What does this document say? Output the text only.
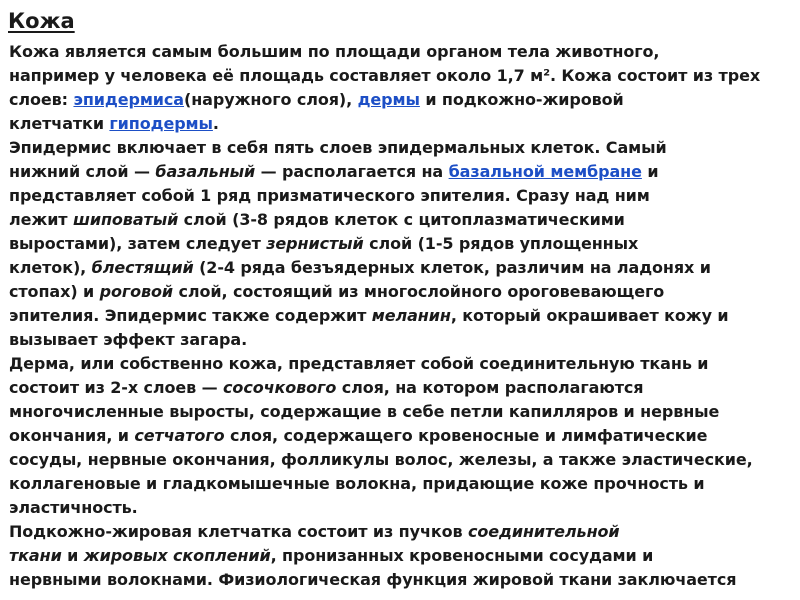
Кожа
Кожа является самым большим по площади органом тела животного,
например у человека её площадь составляет около 1,7 м². Кожа состоит из трех
слоев: эпидермиса(наружного слоя), дермы и подкожно-жировой
клетчатки гиподермы.
Эпидермис включает в себя пять слоев эпидермальных клеток. Самый
нижний слой — базальный — располагается на базальной мембране и
представляет собой 1 ряд призматического эпителия. Сразу над ним
лежит шиповатый слой (3-8 рядов клеток с цитоплазматическими
выростами), затем следует зернистый слой (1-5 рядов уплощенных
клеток), блестящий (2-4 ряда безъядерных клеток, различим на ладонях и
стопах) и роговой слой, состоящий из многослойного ороговевающего
эпителия. Эпидермис также содержит меланин, который окрашивает кожу и
вызывает эффект загара.
Дерма, или собственно кожа, представляет собой соединительную ткань и
состоит из 2-х слоев — сосочкового слоя, на котором располагаются
многочисленные выросты, содержащие в себе петли капилляров и нервные
окончания, и сетчатого слоя, содержащего кровеносные и лимфатические
сосуды, нервные окончания, фолликулы волос, железы, а также эластические,
коллагеновые и гладкомышечные волокна, придающие коже прочность и
эластичность.
Подкожно-жировая клетчатка состоит из пучков соединительной
ткани и жировых скоплений, пронизанных кровеносными сосудами и
нервными волокнами. Физиологическая функция жировой ткани заключается
